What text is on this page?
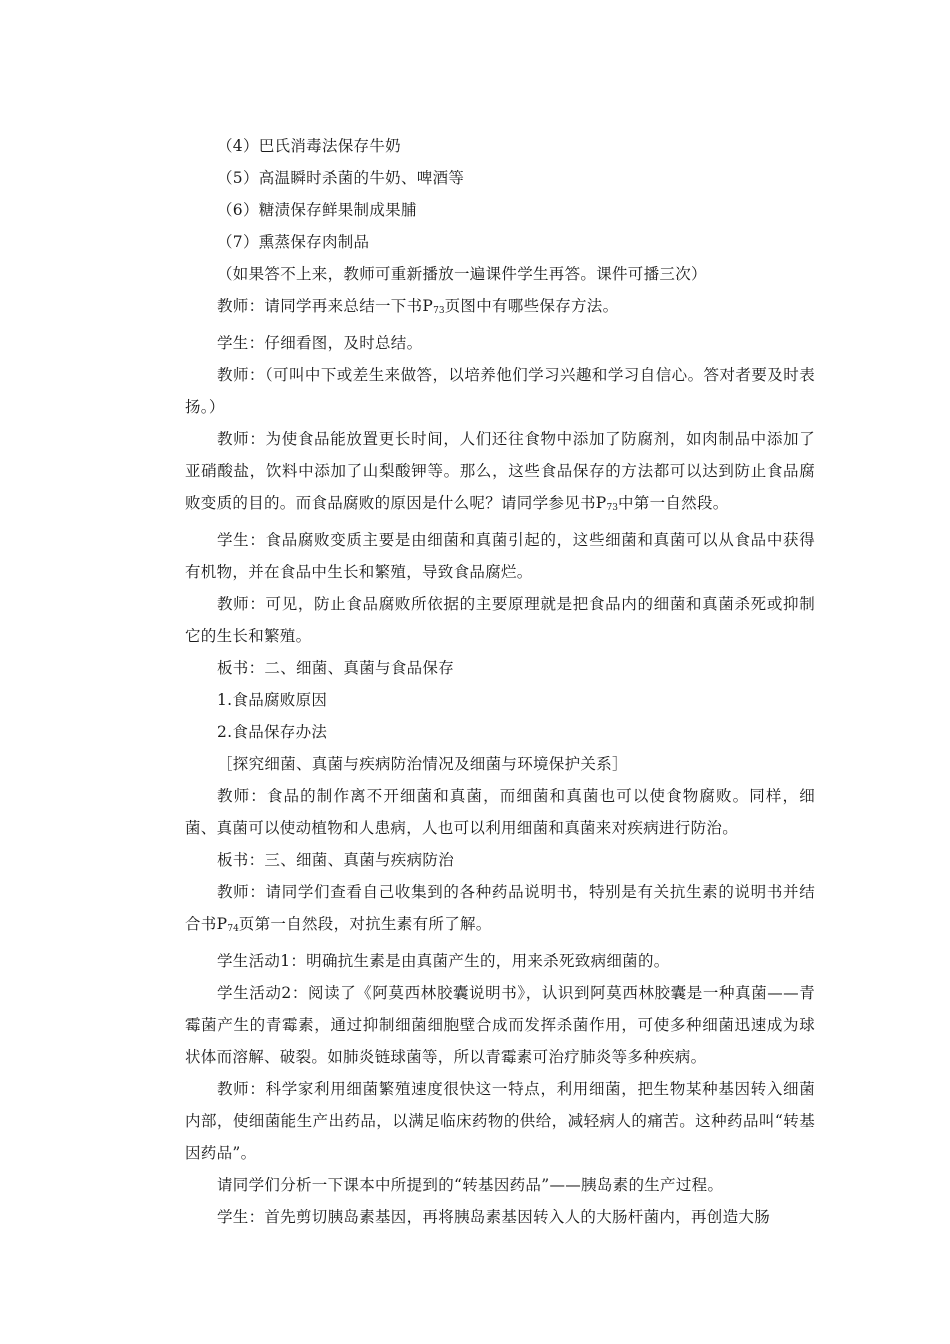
（4）巴氏消毒法保存牛奶

（5）高温瞬时杀菌的牛奶、啤酒等

（6）糖渍保存鲜果制成果脯

（7）熏蒸保存肉制品

（如果答不上来，教师可重新播放一遍课件学生再答。课件可播三次）

教师：请同学再来总结一下书$P_{73}$页图中有哪些保存方法。

学生：仔细看图，及时总结。

教师：（可叫中下或差生来做答，以培养他们学习兴趣和学习自信心。答对者要及时表扬。）

教师：为使食品能放置更长时间，人们还往食物中添加了防腐剂，如肉制品中添加了亚硝酸盐，饮料中添加了山梨酸钾等。那么，这些食品保存的方法都可以达到防止食品腐败变质的目的。而食品腐败的原因是什么呢？请同学参见书$P_{73}$中第一自然段。

学生：食品腐败变质主要是由细菌和真菌引起的，这些细菌和真菌可以从食品中获得有机物，并在食品中生长和繁殖，导致食品腐烂。

教师：可见，防止食品腐败所依据的主要原理就是把食品内的细菌和真菌杀死或抑制它的生长和繁殖。

板书：二、细菌、真菌与食品保存

1.食品腐败原因

2.食品保存办法

［探究细菌、真菌与疾病防治情况及细菌与环境保护关系］

教师：食品的制作离不开细菌和真菌，而细菌和真菌也可以使食物腐败。同样，细菌、真菌可以使动植物和人患病，人也可以利用细菌和真菌来对疾病进行防治。

板书：三、细菌、真菌与疾病防治

教师：请同学们查看自己收集到的各种药品说明书，特别是有关抗生素的说明书并结合书$P_{74}$页第一自然段，对抗生素有所了解。

学生活动1：明确抗生素是由真菌产生的，用来杀死致病细菌的。

学生活动2：阅读了《阿莫西林胶囊说明书》，认识到阿莫西林胶囊是一种真菌——青霉菌产生的青霉素，通过抑制细菌细胞壁合成而发挥杀菌作用，可使多种细菌迅速成为球状体而溶解、破裂。如肺炎链球菌等，所以青霉素可治疗肺炎等多种疾病。

教师：科学家利用细菌繁殖速度很快这一特点，利用细菌，把生物某种基因转入细菌内部，使细菌能生产出药品，以满足临床药物的供给，减轻病人的痛苦。这种药品叫“转基因药品”。

请同学们分析一下课本中所提到的“转基因药品”——胰岛素的生产过程。

学生：首先剪切胰岛素基因，再将胰岛素基因转入人的大肠杆菌内，再创造大肠
